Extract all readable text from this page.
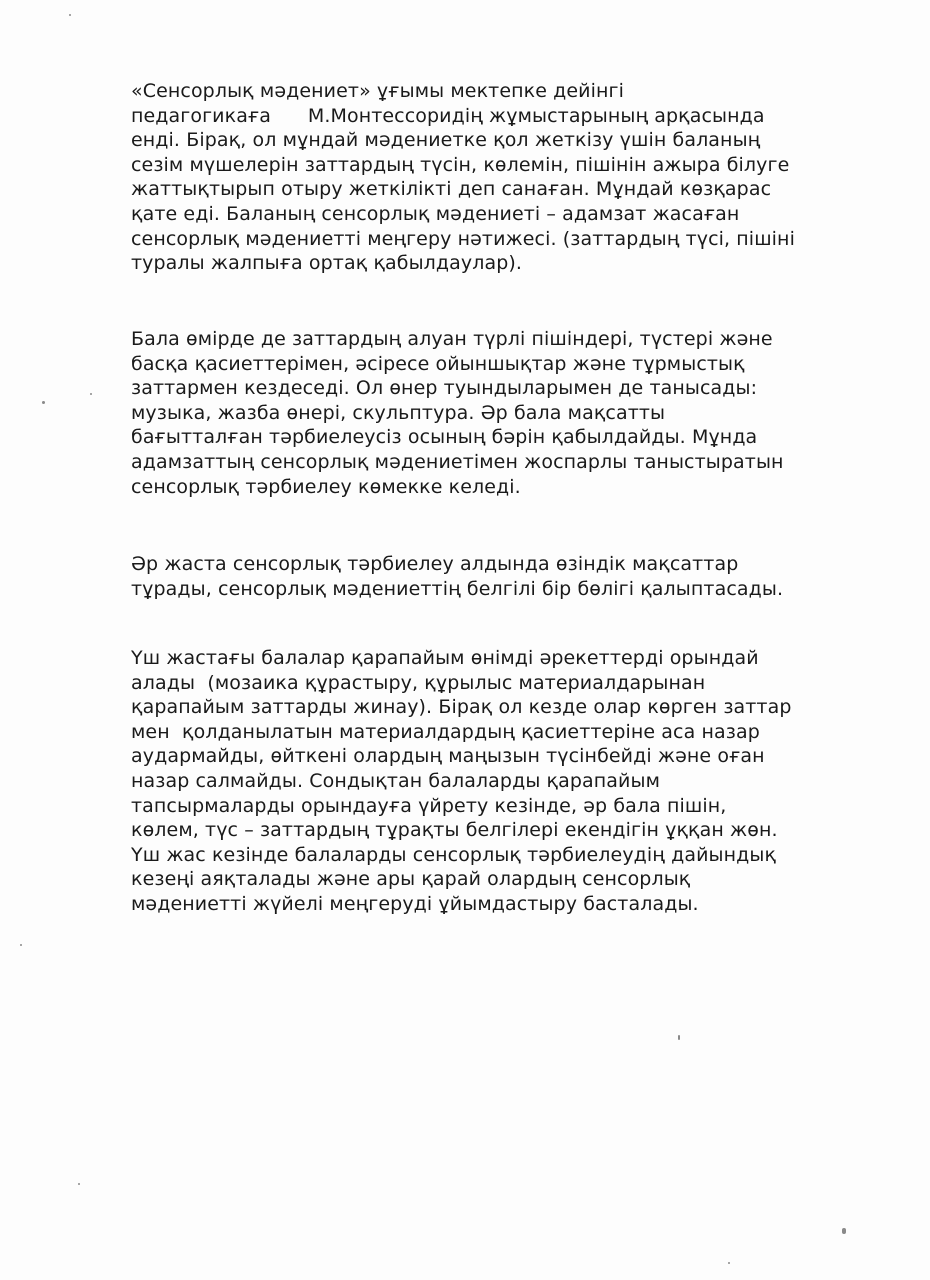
«Сенсорлық мәдениет» ұғымы мектепке дейінгі
педагогикаға      М.Монтессоридің жұмыстарының арқасында
енді. Бірақ, ол мұндай мәдениетке қол жеткізу үшін баланың
сезім мүшелерін заттардың түсін, көлемін, пішінін ажыра білуге
жаттықтырып отыру жеткілікті деп санаған. Мұндай көзқарас
қате еді. Баланың сенсорлық мәдениеті – адамзат жасаған
сенсорлық мәдениетті меңгеру нәтижесі. (заттардың түсі, пішіні
туралы жалпыға ортақ қабылдаулар).
Бала өмірде де заттардың алуан түрлі пішіндері, түстері және
басқа қасиеттерімен, әсіресе ойыншықтар және тұрмыстық
заттармен кездеседі. Ол өнер туындыларымен де танысады:
музыка, жазба өнері, скульптура. Әр бала мақсатты
бағытталған тәрбиелеусіз осының бәрін қабылдайды. Мұнда
адамзаттың сенсорлық мәдениетімен жоспарлы таныстыратын
сенсорлық тәрбиелеу көмекке келеді.
Әр жаста сенсорлық тәрбиелеу алдында өзіндік мақсаттар
тұрады, сенсорлық мәдениеттің белгілі бір бөлігі қалыптасады.
Үш жастағы балалар қарапайым өнімді әрекеттерді орындай
алады  (мозаика құрастыру, құрылыс материалдарынан
қарапайым заттарды жинау). Бірақ ол кезде олар көрген заттар
мен  қолданылатын материалдардың қасиеттеріне аса назар
аудармайды, өйткені олардың маңызын түсінбейді және оған
назар салмайды. Сондықтан балаларды қарапайым
тапсырмаларды орындауға үйрету кезінде, әр бала пішін,
көлем, түс – заттардың тұрақты белгілері екендігін ұққан жөн.
Үш жас кезінде балаларды сенсорлық тәрбиелеудің дайындық
кезеңі аяқталады және ары қарай олардың сенсорлық
мәдениетті жүйелі меңгеруді ұйымдастыру басталады.
